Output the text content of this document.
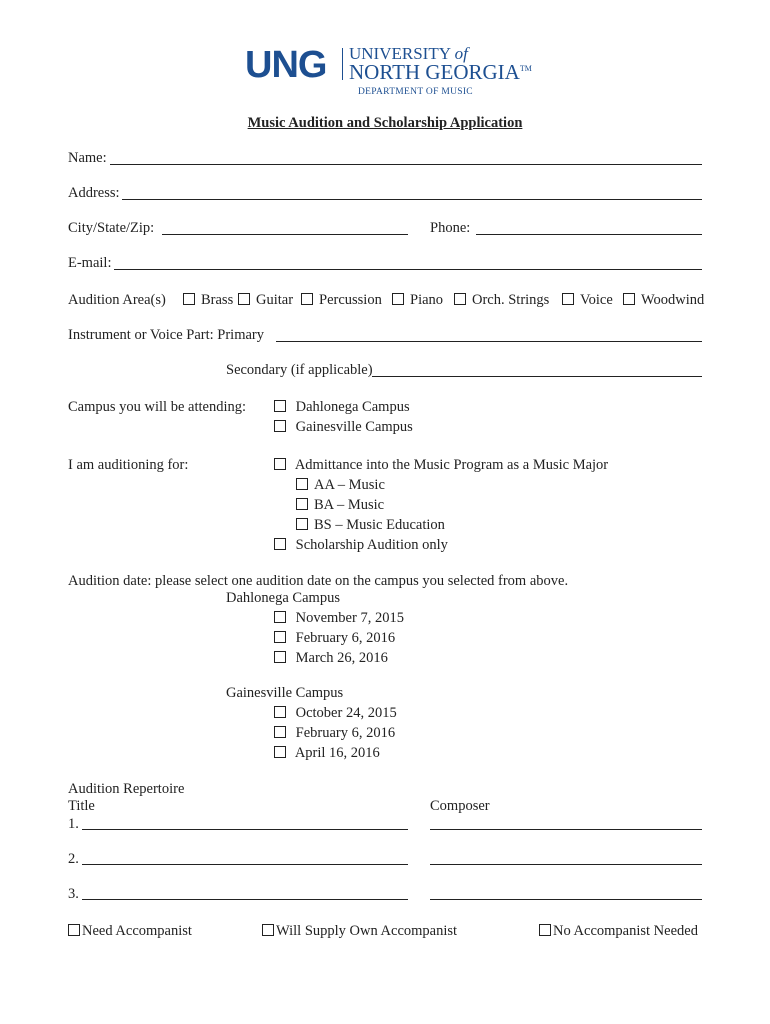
UNG UNIVERSITY of
NORTH GEORGIA™
DEPARTMENT OF MUSIC
Music Audition and Scholarship Application
Name:
Address:
City/State/Zip:	Phone:
E-mail:
Audition Area(s)	Brass	Guitar	Percussion	Piano	Orch. Strings	Voice	Woodwind
Instrument or Voice Part: Primary
Secondary (if applicable)
Campus you will be attending:	Dahlonega Campus
Gainesville Campus
I am auditioning for:	Admittance into the Music Program as a Music Major
AA – Music
BA – Music
BS – Music Education
Scholarship Audition only
Audition date: please select one audition date on the campus you selected from above.
Dahlonega Campus
November 7, 2015
February 6, 2016
March 26, 2016
Gainesville Campus
October 24, 2015
February 6, 2016
April 16, 2016
Audition Repertoire
Title	Composer
1.
2.
3.
Need Accompanist	Will Supply Own Accompanist	No Accompanist Needed
